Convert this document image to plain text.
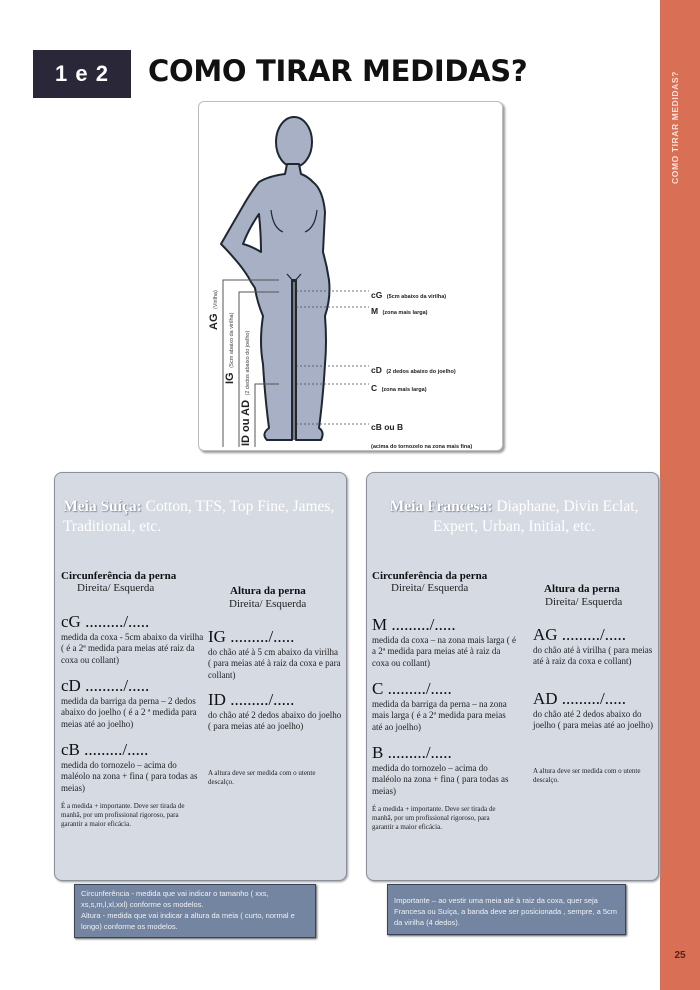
COMO TIRAR MEDIDAS?
25
1 e 2	COMO TIRAR MEDIDAS?
cG (5cm abaixo da virilha)
M (zona mais larga)
cD (2 dedos abaixo do joelho)
C (zona mais larga)
cB ou B
(acima do tornozelo na zona mais fina)
AG (Virilha)
IG (5cm abaixo da virilha)
ID ou AD (2 dedos abaixo do joelho)
Meia Suíça: Cotton, TFS, Top Fine, James, Traditional, etc.
Circunferência da perna
Direita/ Esquerda	Altura da perna
Direita/ Esquerda
cG ........./.....
medida da coxa - 5cm abaixo da virilha ( é a 2ª medida para meias até raiz da coxa ou collant)
cD ........./.....
medida da barriga da perna – 2 dedos abaixo do joelho ( é a 2 ª medida para meias até ao joelho)
cB ........./.....
medida do tornozelo – acima do maléolo na zona + fina ( para todas as meias)
É a medida + importante. Deve ser tirada de manhã, por um profissional rigoroso, para garantir a maior eficácia.
IG ........./.....
do chão até à 5 cm abaixo da virilha ( para meias até à raiz da coxa e para collant)
ID ........./.....
do chão até 2 dedos abaixo do joelho ( para meias até ao joelho)
A altura deve ser medida com o utente descalço.
Meia Francesa: Diaphane, Divin Eclat, Expert, Urban, Initial, etc.
Circunferência da perna
Direita/ Esquerda	Altura da perna
Direita/ Esquerda
M ........./.....
medida da coxa – na zona mais larga ( é a 2ª medida para meias até à raiz da coxa ou collant)
C ........./.....
medida da barriga da perna – na zona mais larga ( é a 2ª medida para meias até ao joelho)
B ........./.....
medida do tornozelo – acima do maléolo na zona + fina ( para todas as meias)
É a medida + importante. Deve ser tirada de manhã, por um profissional rigoroso, para garantir a maior eficácia.
AG ........./.....
do chão até à virilha ( para meias até à raiz da coxa e collant)
AD ........./.....
do chão até 2 dedos abaixo do joelho ( para meias até ao joelho)
A altura deve ser medida com o utente descalço.
Circunferência - medida que vai indicar o tamanho ( xxs, xs,s,m,l,xl,xxl) conforme os modelos.
Altura - medida que vai indicar a altura da meia ( curto, normal e longo) conforme os modelos.
Importante – ao vestir uma meia até à raiz da coxa, quer seja Francesa ou Suíça, a banda deve ser posicionada , sempre, a 5cm da virilha (4 dedos).
